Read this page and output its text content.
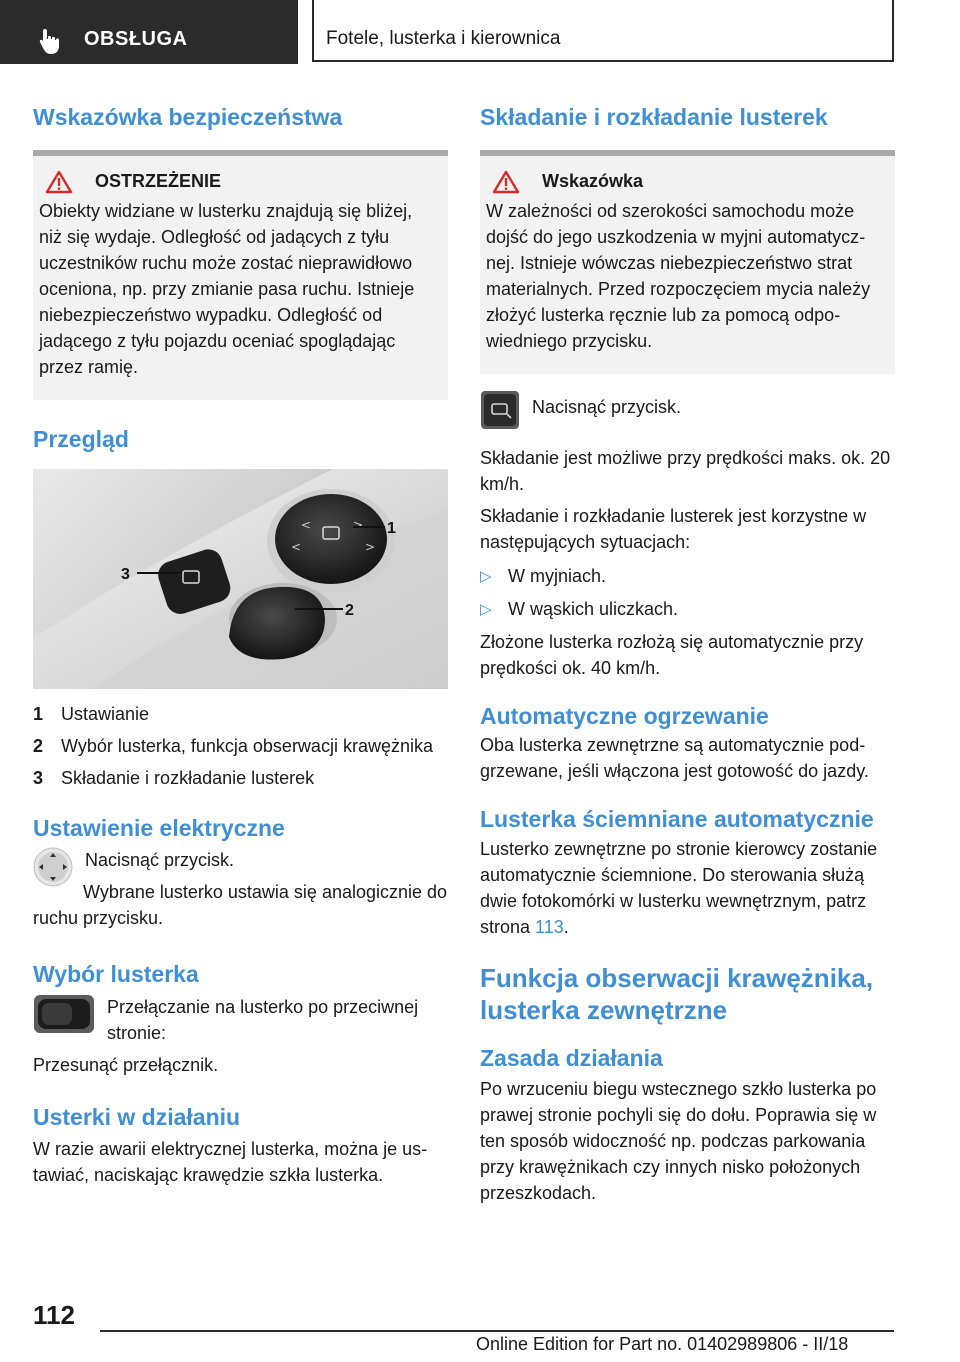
OBSŁUGA	Fotele, lusterka i kierownica
Wskazówka bezpieczeństwa
OSTRZEŻENIE

Obiekty widziane w lusterku znajdują się bliżej, niż się wydaje. Odległość od jadących z tyłu uczestników ruchu może zostać nieprawidłowo oceniona, np. przy zmianie pasa ruchu. Istnieje niebezpieczeństwo wypadku. Odległość od jadącego z tyłu pojazdu oceniać spoglądając przez ramię.

Przegląd
<	>
<	>
1
2
3
1 Ustawianie
2 Wybór lusterka, funkcja obserwacji krawężnika
3 Składanie i rozkładanie lusterek
Ustawienie elektryczne

Nacisnąć przycisk.

Wybrane lusterko ustawia się analogicznie do ruchu przycisku.

Wybór lusterka

Przełączanie na lusterko po przeciwnej stronie:

Przesunąć przełącznik.

Usterki w działaniu

W razie awarii elektrycznej lusterka, można je ustawiać, naciskając krawędzie szkła lusterka.

Składanie i rozkładanie lusterek
Wskazówka

W zależności od szerokości samochodu może dojść do jego uszkodzenia w myjni automatycznej. Istnieje wówczas niebezpieczeństwo strat materialnych. Przed rozpoczęciem mycia należy złożyć lusterka ręcznie lub za pomocą odpowiedniego przycisku.

Nacisnąć przycisk.

Składanie jest możliwe przy prędkości maks. ok. 20 km/h.

Składanie i rozkładanie lusterek jest korzystne w następujących sytuacjach:

▷ W myjniach.
▷ W wąskich uliczkach.

Złożone lusterka rozłożą się automatycznie przy prędkości ok. 40 km/h.

Automatyczne ogrzewanie

Oba lusterka zewnętrzne są automatycznie podgrzewane, jeśli włączona jest gotowość do jazdy.

Lusterka ściemniane automatycznie

Lusterko zewnętrzne po stronie kierowcy zostanie automatycznie ściemnione. Do sterowania służą dwie fotokomórki w lusterku wewnętrznym, patrz strona 113.

Funkcja obserwacji krawężnika, lusterka zewnętrzne
Zasada działania

Po wrzuceniu biegu wstecznego szkło lusterka po prawej stronie pochyli się do dołu. Poprawia się w ten sposób widoczność np. podczas parkowania przy krawężnikach czy innych nisko położonych przeszkodach.

112
Online Edition for Part no. 01402989806 - II/18
